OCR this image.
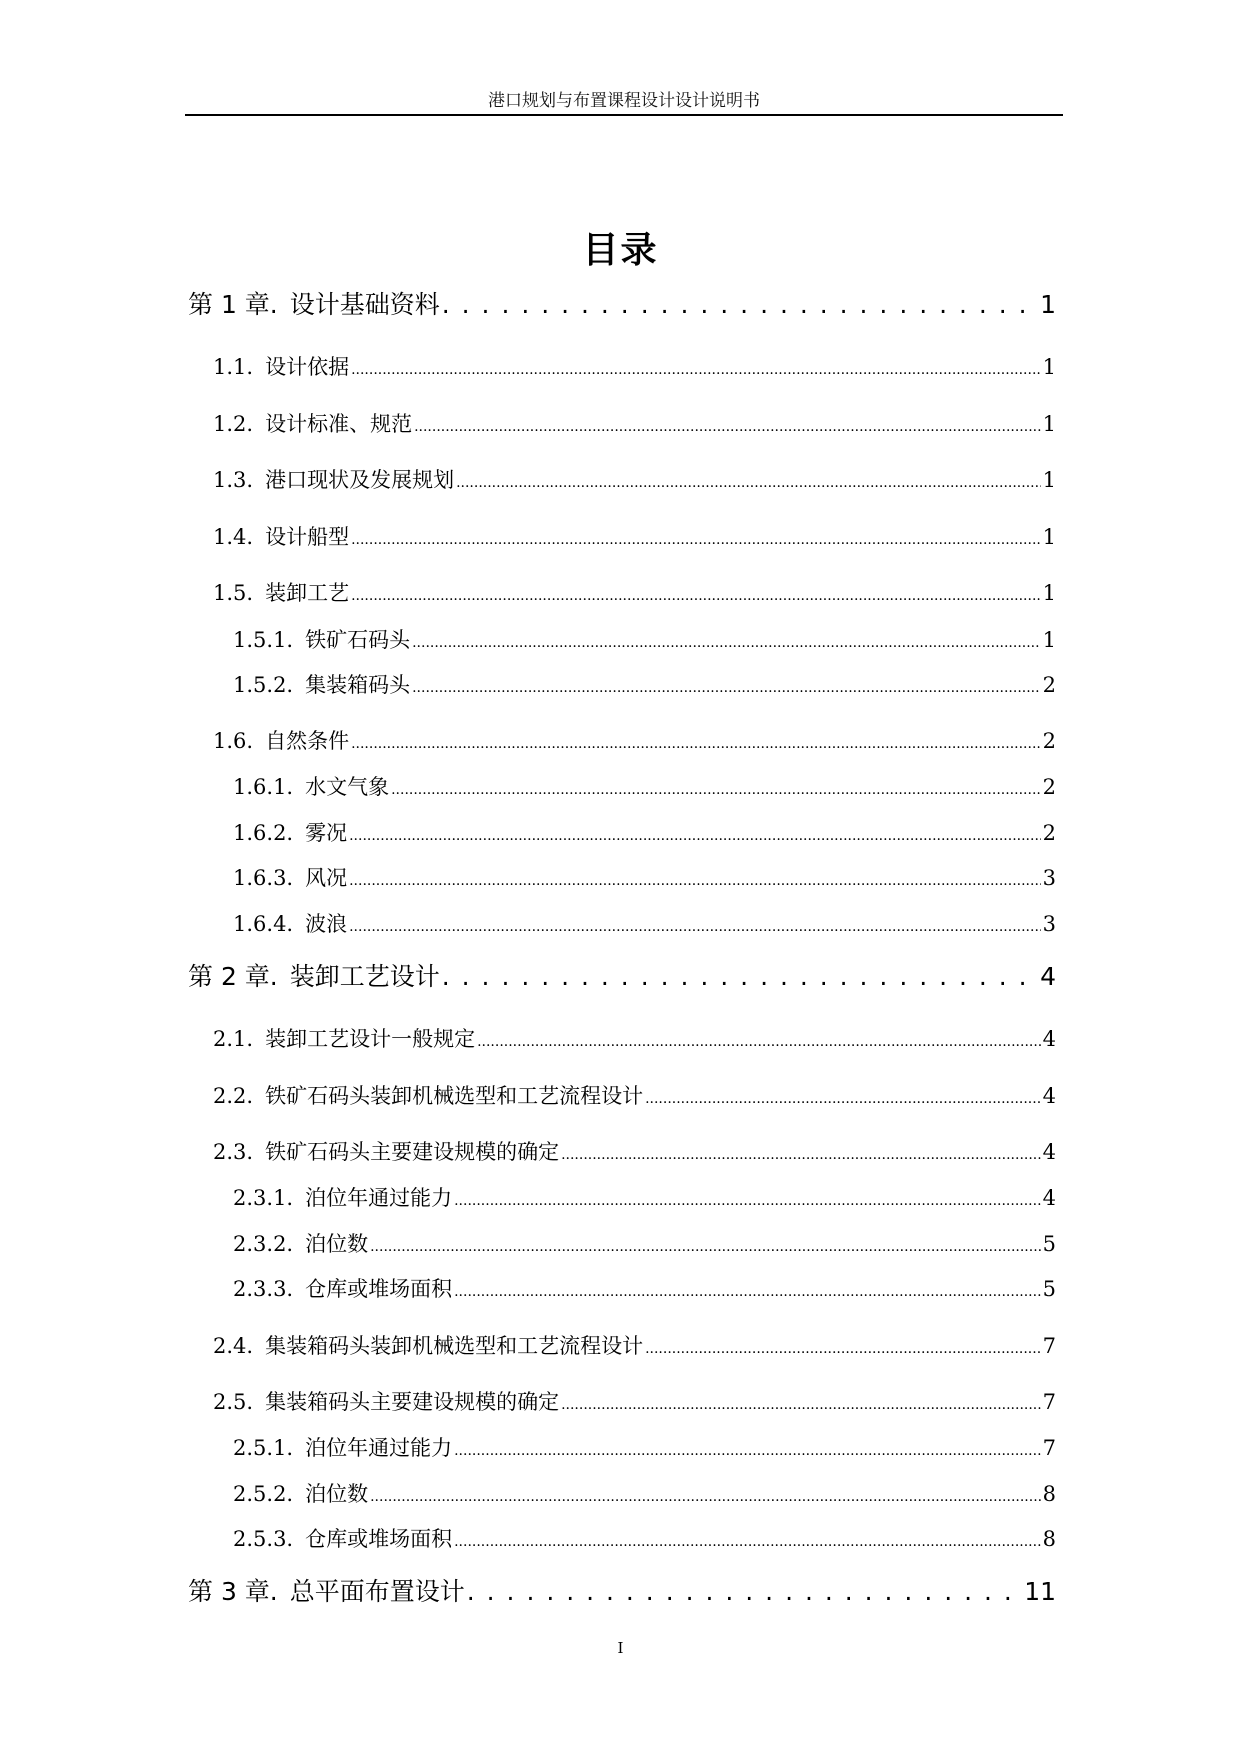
港口规划与布置课程设计设计说明书
目录
第 1 章. 设计基础资料 . . .	1
1.1. 设计依据 .....	1
1.2. 设计标准、规范 .....	1
1.3. 港口现状及发展规划 .....	1
1.4. 设计船型 .....	1
1.5. 装卸工艺 .....	1
1.5.1. 铁矿石码头 .....	1
1.5.2. 集装箱码头 .....	2
1.6. 自然条件 .....	2
1.6.1. 水文气象 .....	2
1.6.2. 雾况 .....	2
1.6.3. 风况 .....	3
1.6.4. 波浪 .....	3
第 2 章. 装卸工艺设计 . . .	4
2.1. 装卸工艺设计一般规定 .....	4
2.2. 铁矿石码头装卸机械选型和工艺流程设计 .....	4
2.3. 铁矿石码头主要建设规模的确定 .....	4
2.3.1. 泊位年通过能力 .....	4
2.3.2. 泊位数 .....	5
2.3.3. 仓库或堆场面积 .....	5
2.4. 集装箱码头装卸机械选型和工艺流程设计 .....	7
2.5. 集装箱码头主要建设规模的确定 .....	7
2.5.1. 泊位年通过能力 .....	7
2.5.2. 泊位数 .....	8
2.5.3. 仓库或堆场面积 .....	8
第 3 章. 总平面布置设计 . . .	11
I
